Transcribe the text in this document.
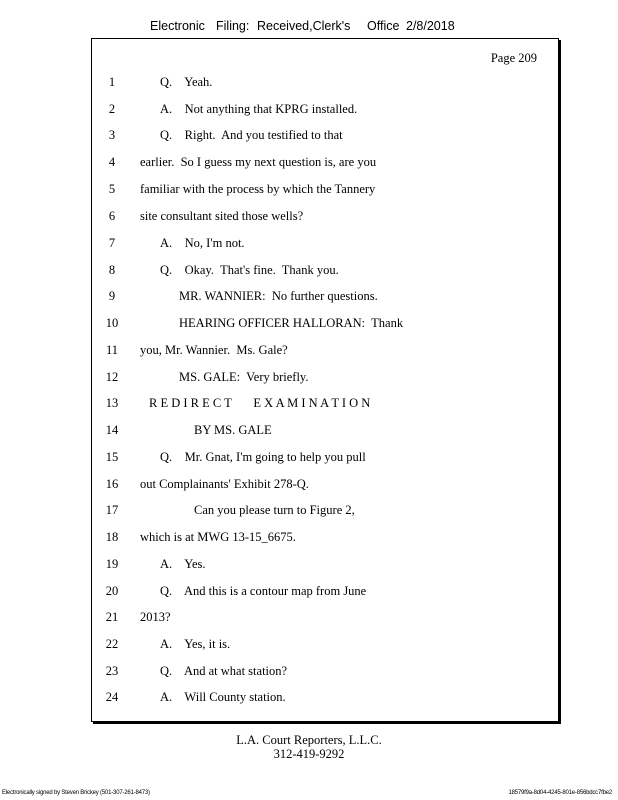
Electronic Filing: Received,Clerk's Office 2/8/2018
Page 209
1	Q.    Yeah.
2	A.    Not anything that KPRG installed.
3	Q.    Right.  And you testified to that
4	earlier.  So I guess my next question is, are you
5	familiar with the process by which the Tannery
6	site consultant sited those wells?
7	A.    No, I'm not.
8	Q.    Okay.  That's fine.  Thank you.
9	MR. WANNIER:  No further questions.
10	HEARING OFFICER HALLORAN:  Thank
11	you, Mr. Wannier.  Ms. Gale?
12	MS. GALE:  Very briefly.
13	R E D I R E C T       E X A M I N A T I O N
14	BY MS. GALE
15	Q.    Mr. Gnat, I'm going to help you pull
16	out Complainants' Exhibit 278-Q.
17	Can you please turn to Figure 2,
18	which is at MWG 13-15_6675.
19	A.    Yes.
20	Q.    And this is a contour map from June
21	2013?
22	A.    Yes, it is.
23	Q.    And at what station?
24	A.    Will County station.
L.A. Court Reporters, L.L.C.
312-419-9292
Electronically signed by Steven Brickey (501-307-261-8473)	18579f9a-8d04-4245-801e-856bdcc7fbe2
